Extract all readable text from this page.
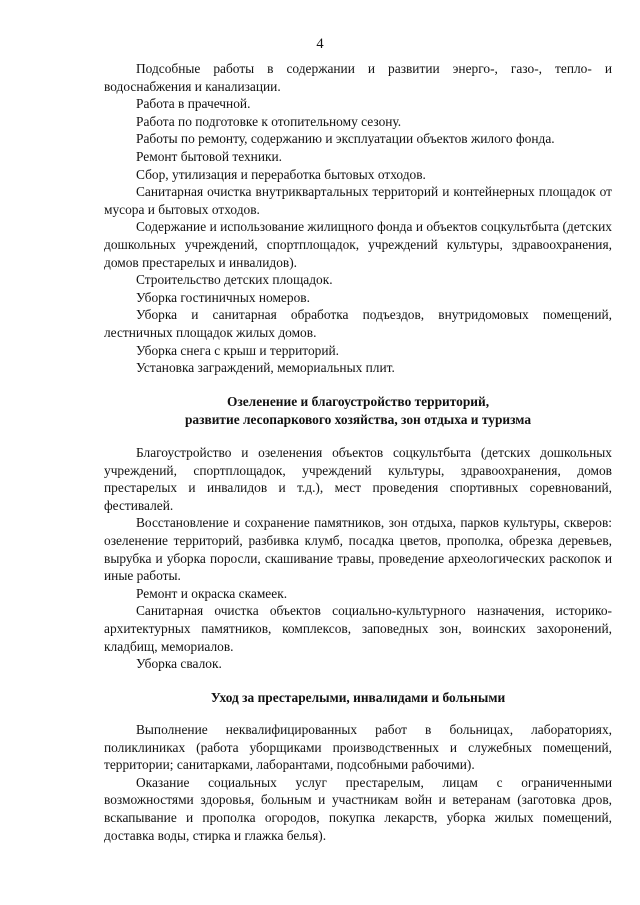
4

Подсобные работы в содержании и развитии энерго-, газо-, тепло- и водоснабжения и канализации.

Работа в прачечной.

Работа по подготовке к отопительному сезону.

Работы по ремонту, содержанию и эксплуатации объектов жилого фонда.

Ремонт бытовой техники.

Сбор, утилизация и переработка бытовых отходов.

Санитарная очистка внутриквартальных территорий и контейнерных площадок от мусора и бытовых отходов.

Содержание и использование жилищного фонда и объектов соцкультбыта (детских дошкольных учреждений, спортплощадок, учреждений культуры, здравоохранения, домов престарелых и инвалидов).

Строительство детских площадок.

Уборка гостиничных номеров.

Уборка и санитарная обработка подъездов, внутридомовых помещений, лестничных площадок жилых домов.

Уборка снега с крыш и территорий.

Установка заграждений, мемориальных плит.

Озеленение и благоустройство территорий,

развитие лесопаркового хозяйства, зон отдыха и туризма

Благоустройство и озеленения объектов соцкультбыта (детских дошкольных учреждений, спортплощадок, учреждений культуры, здравоохранения, домов престарелых и инвалидов и т.д.), мест проведения спортивных соревнований, фестивалей.

Восстановление и сохранение памятников, зон отдыха, парков культуры, скверов: озеленение территорий, разбивка клумб, посадка цветов, прополка, обрезка деревьев, вырубка и уборка поросли, скашивание травы, проведение археологических раскопок и иные работы.

Ремонт и окраска скамеек.

Санитарная очистка объектов социально-культурного назначения, историко-архитектурных памятников, комплексов, заповедных зон, воинских захоронений, кладбищ, мемориалов.

Уборка свалок.

Уход за престарелыми, инвалидами и больными

Выполнение неквалифицированных работ в больницах, лабораториях, поликлиниках (работа уборщиками производственных и служебных помещений, территории; санитарками, лаборантами, подсобными рабочими).

Оказание социальных услуг престарелым, лицам с ограниченными возможностями здоровья, больным и участникам войн и ветеранам (заготовка дров, вскапывание и прополка огородов, покупка лекарств, уборка жилых помещений, доставка воды, стирка и глажка белья).
